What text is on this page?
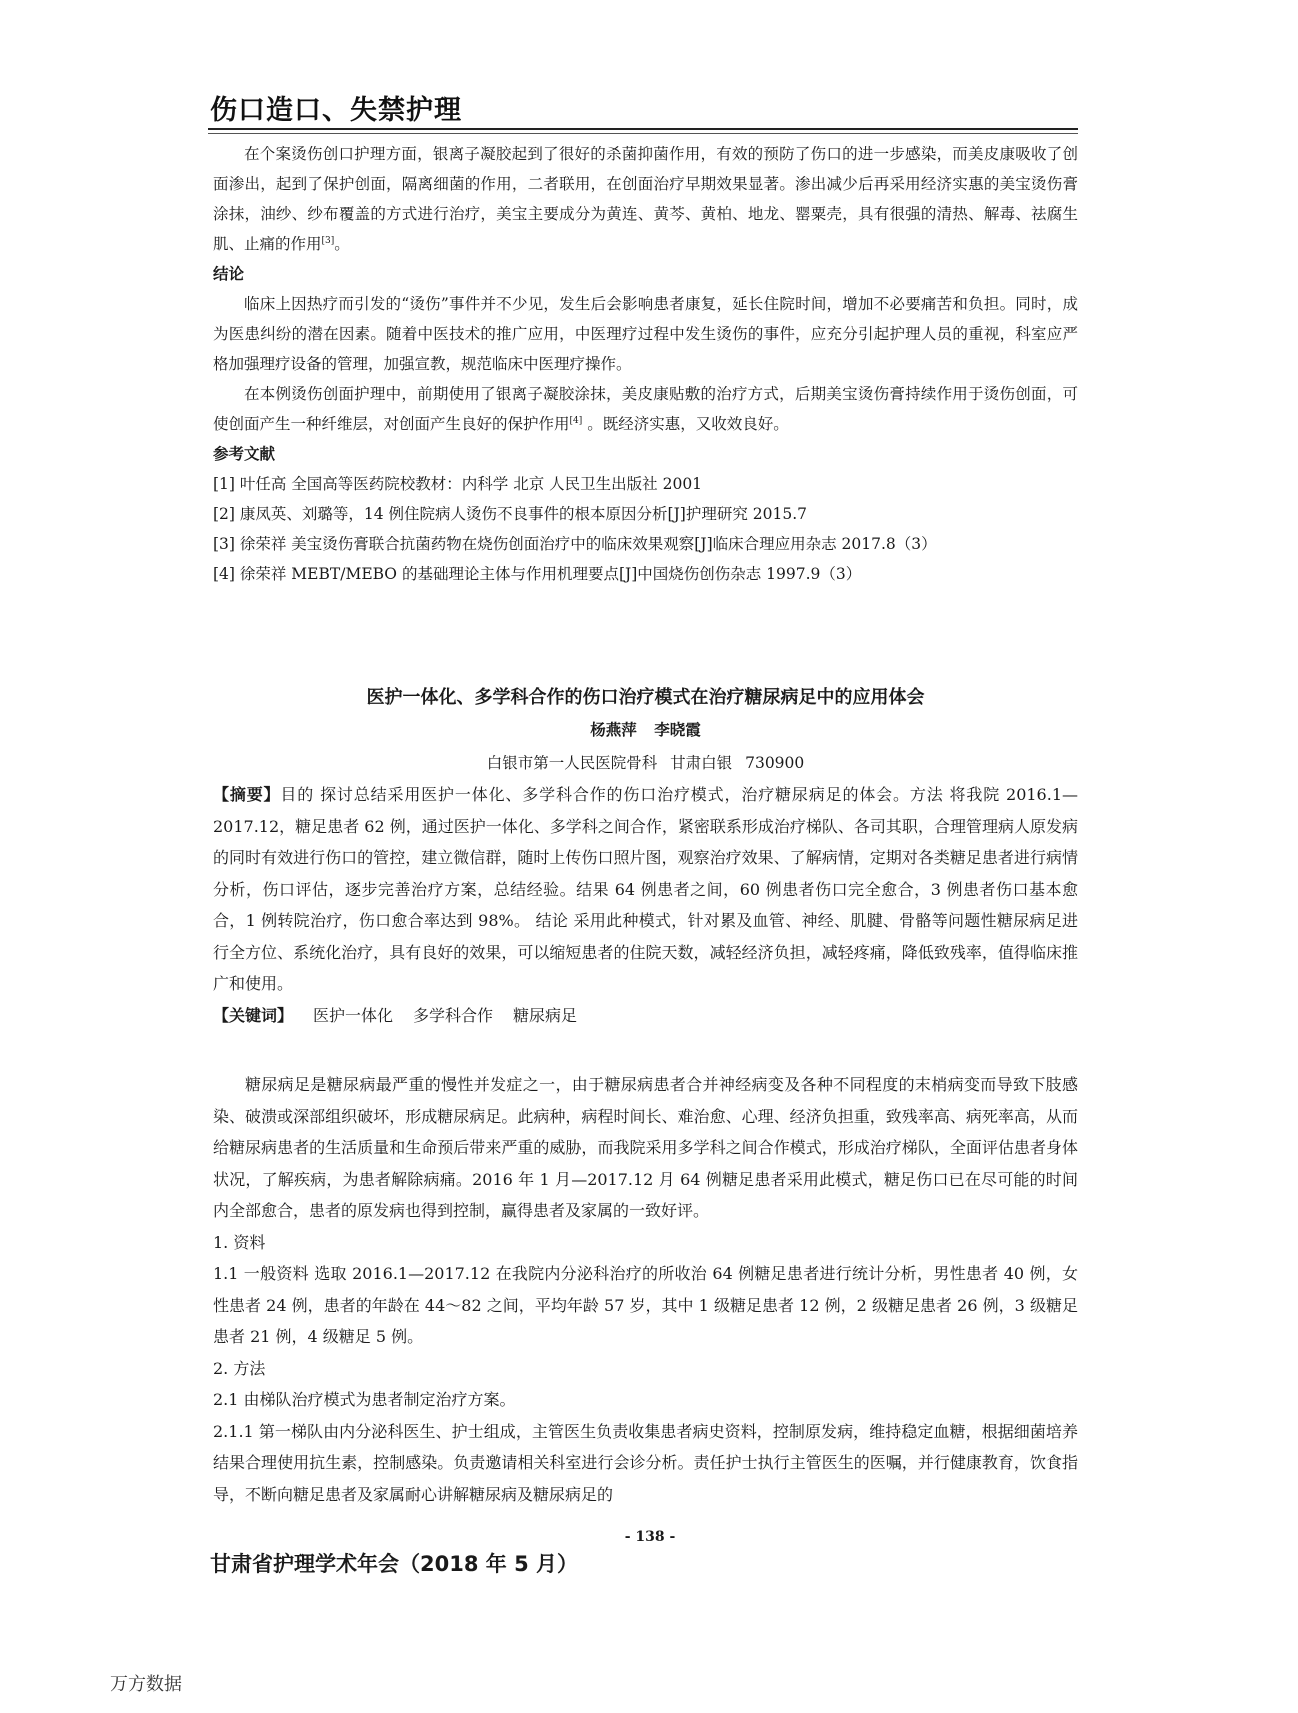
伤口造口、失禁护理

在个案烫伤创口护理方面，银离子凝胶起到了很好的杀菌抑菌作用，有效的预防了伤口的进一步感染，而美皮康吸收了创面渗出，起到了保护创面，隔离细菌的作用，二者联用，在创面治疗早期效果显著。渗出减少后再采用经济实惠的美宝烫伤膏涂抹，油纱、纱布覆盖的方式进行治疗，美宝主要成分为黄连、黄芩、黄柏、地龙、罂粟壳，具有很强的清热、解毒、祛腐生肌、止痛的作用[3]。

结论

临床上因热疗而引发的“烫伤”事件并不少见，发生后会影响患者康复，延长住院时间，增加不必要痛苦和负担。同时，成为医患纠纷的潜在因素。随着中医技术的推广应用，中医理疗过程中发生烫伤的事件，应充分引起护理人员的重视，科室应严格加强理疗设备的管理，加强宣教，规范临床中医理疗操作。

在本例烫伤创面护理中，前期使用了银离子凝胶涂抹，美皮康贴敷的治疗方式，后期美宝烫伤膏持续作用于烫伤创面，可使创面产生一种纤维层，对创面产生良好的保护作用[4] 。既经济实惠，又收效良好。

参考文献

[1] 叶任高 全国高等医药院校教材：内科学 北京 人民卫生出版社 2001

[2] 康凤英、刘璐等，14 例住院病人烫伤不良事件的根本原因分析[J]护理研究 2015.7

[3] 徐荣祥 美宝烫伤膏联合抗菌药物在烧伤创面治疗中的临床效果观察[J]临床合理应用杂志 2017.8（3）

[4] 徐荣祥 MEBT/MEBO 的基础理论主体与作用机理要点[J]中国烧伤创伤杂志 1997.9（3）

医护一体化、多学科合作的伤口治疗模式在治疗糖尿病足中的应用体会
杨燕萍 李晓霞
白银市第一人民医院骨科 甘肃白银 730900

【摘要】目的 探讨总结采用医护一体化、多学科合作的伤口治疗模式，治疗糖尿病足的体会。方法 将我院 2016.1—2017.12，糖足患者 62 例，通过医护一体化、多学科之间合作，紧密联系形成治疗梯队、各司其职，合理管理病人原发病的同时有效进行伤口的管控，建立微信群，随时上传伤口照片图，观察治疗效果、了解病情，定期对各类糖足患者进行病情分析，伤口评估，逐步完善治疗方案，总结经验。结果 64 例患者之间，60 例患者伤口完全愈合，3 例患者伤口基本愈合，1 例转院治疗，伤口愈合率达到 98%。 结论 采用此种模式，针对累及血管、神经、肌腱、骨骼等问题性糖尿病足进行全方位、系统化治疗，具有良好的效果，可以缩短患者的住院天数，减轻经济负担，减轻疼痛，降低致残率，值得临床推广和使用。

【关键词】 医护一体化 多学科合作 糖尿病足

糖尿病足是糖尿病最严重的慢性并发症之一，由于糖尿病患者合并神经病变及各种不同程度的末梢病变而导致下肢感染、破溃或深部组织破坏，形成糖尿病足。此病种，病程时间长、难治愈、心理、经济负担重，致残率高、病死率高，从而给糖尿病患者的生活质量和生命预后带来严重的威胁，而我院采用多学科之间合作模式，形成治疗梯队，全面评估患者身体状况，了解疾病，为患者解除病痛。2016 年 1 月—2017.12 月 64 例糖足患者采用此模式，糖足伤口已在尽可能的时间内全部愈合，患者的原发病也得到控制，赢得患者及家属的一致好评。

1. 资料

1.1 一般资料 选取 2016.1—2017.12 在我院内分泌科治疗的所收治 64 例糖足患者进行统计分析，男性患者 40 例，女性患者 24 例，患者的年龄在 44～82 之间，平均年龄 57 岁，其中 1 级糖足患者 12 例，2 级糖足患者 26 例，3 级糖足患者 21 例，4 级糖足 5 例。

2. 方法

2.1 由梯队治疗模式为患者制定治疗方案。

2.1.1 第一梯队由内分泌科医生、护士组成，主管医生负责收集患者病史资料，控制原发病，维持稳定血糖，根据细菌培养结果合理使用抗生素，控制感染。负责邀请相关科室进行会诊分析。责任护士执行主管医生的医嘱，并行健康教育，饮食指导，不断向糖足患者及家属耐心讲解糖尿病及糖尿病足的

- 138 -
甘肃省护理学术年会（2018 年 5 月）
万方数据
